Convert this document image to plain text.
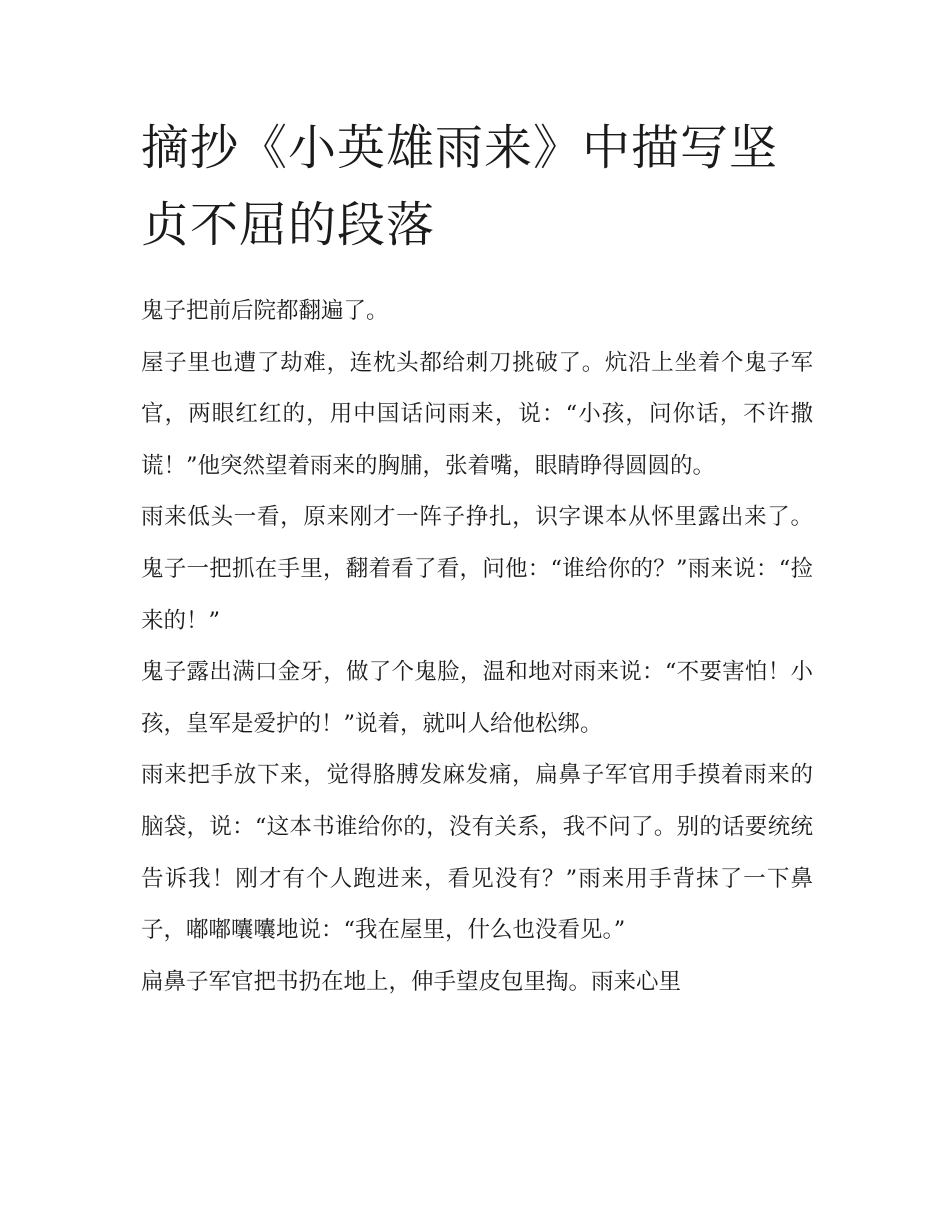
摘抄《小英雄雨来》中描写坚贞不屈的段落

鬼子把前后院都翻遍了。

屋子里也遭了劫难，连枕头都给刺刀挑破了。炕沿上坐着个鬼子军官，两眼红红的，用中国话问雨来，说：“小孩，问你话，不许撒谎！”他突然望着雨来的胸脯，张着嘴，眼睛睁得圆圆的。

雨来低头一看，原来刚才一阵子挣扎，识字课本从怀里露出来了。鬼子一把抓在手里，翻着看了看，问他：“谁给你的？”雨来说：“捡来的！”

鬼子露出满口金牙，做了个鬼脸，温和地对雨来说：“不要害怕！小孩，皇军是爱护的！”说着，就叫人给他松绑。

雨来把手放下来，觉得胳膊发麻发痛，扁鼻子军官用手摸着雨来的脑袋，说：“这本书谁给你的，没有关系，我不问了。别的话要统统告诉我！刚才有个人跑进来，看见没有？”雨来用手背抹了一下鼻子，嘟嘟囔囔地说：“我在屋里，什么也没看见。”

扁鼻子军官把书扔在地上，伸手望皮包里掏。雨来心里
